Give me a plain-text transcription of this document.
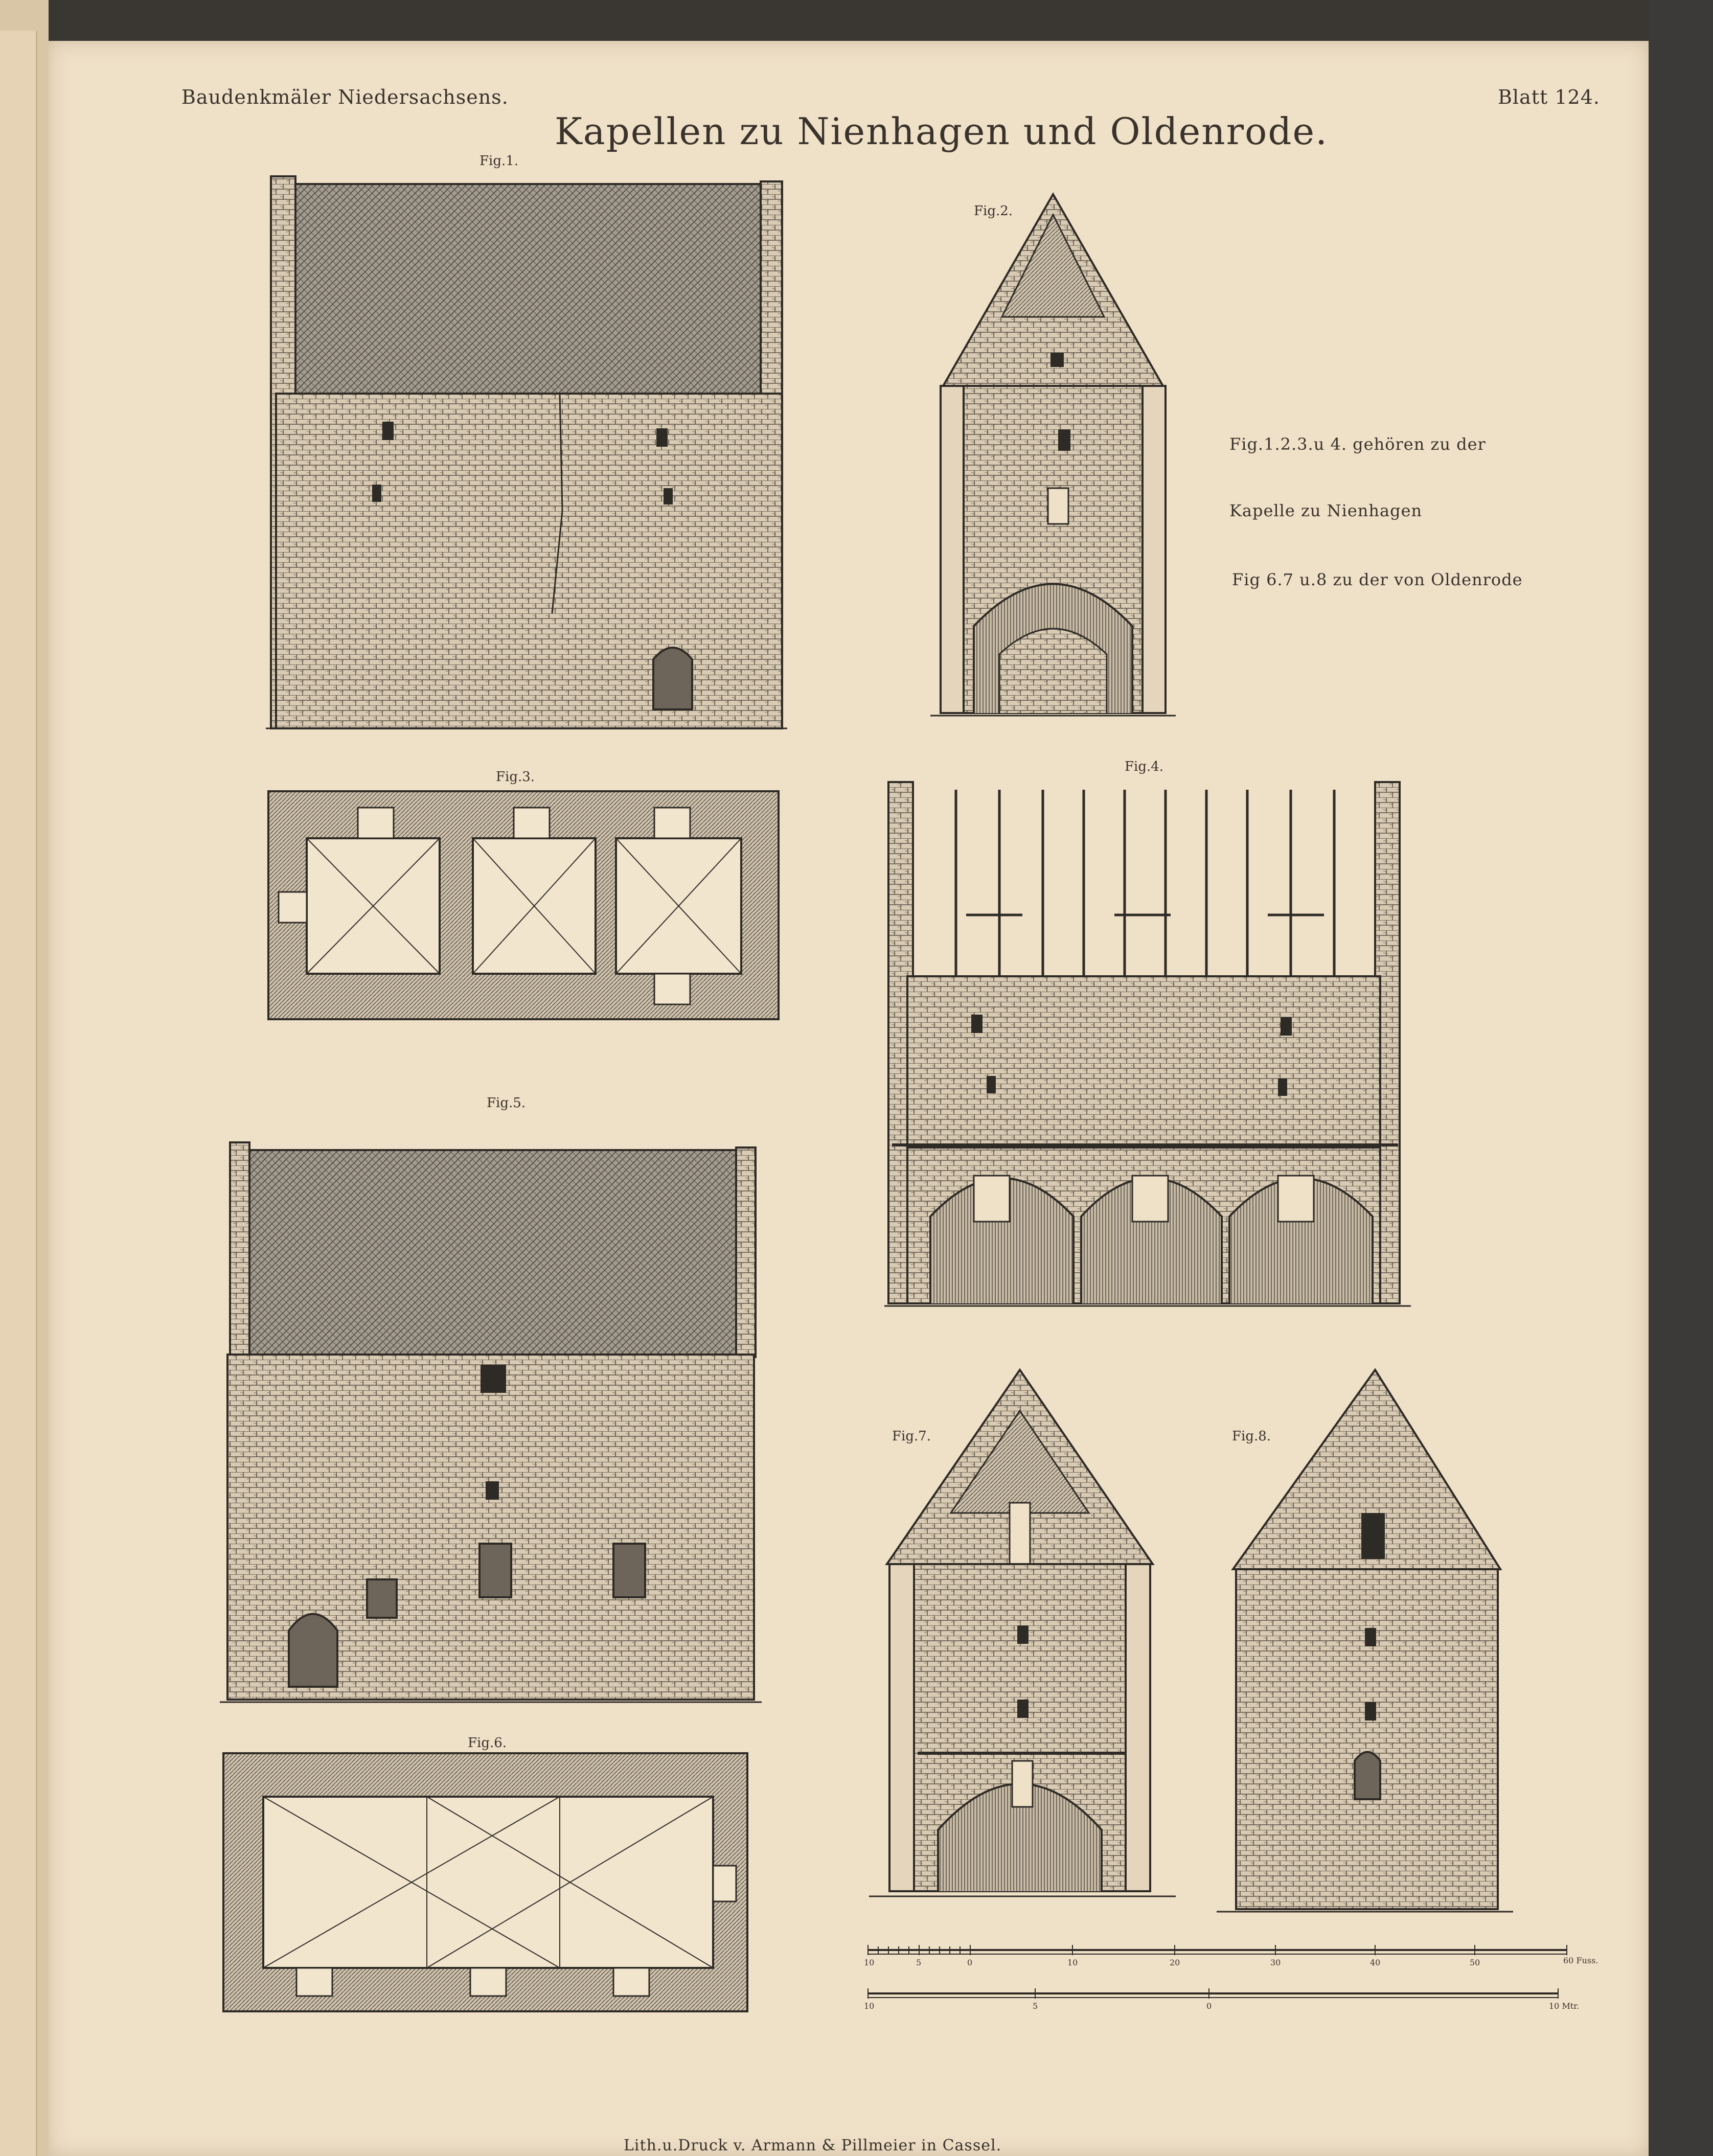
Baudenkmäler Niedersachsens.
Kapellen zu Nienhagen und Oldenrode.
Blatt 124.
Fig.1.
Fig.2.
Fig.3.
Fig.4.
Fig.5.
Fig.6.
Fig.7.	Fig.8.
Fig.1.2.3.u 4. gehören zu der
Kapelle zu Nienhagen
Fig 6.7 u.8 zu der von Oldenrode
10	5	0	10	20	30	40	50	60 Fuss.
10	5	0	10 Mtr.
Lith.u.Druck v. Armann & Pillmeier in Cassel.
